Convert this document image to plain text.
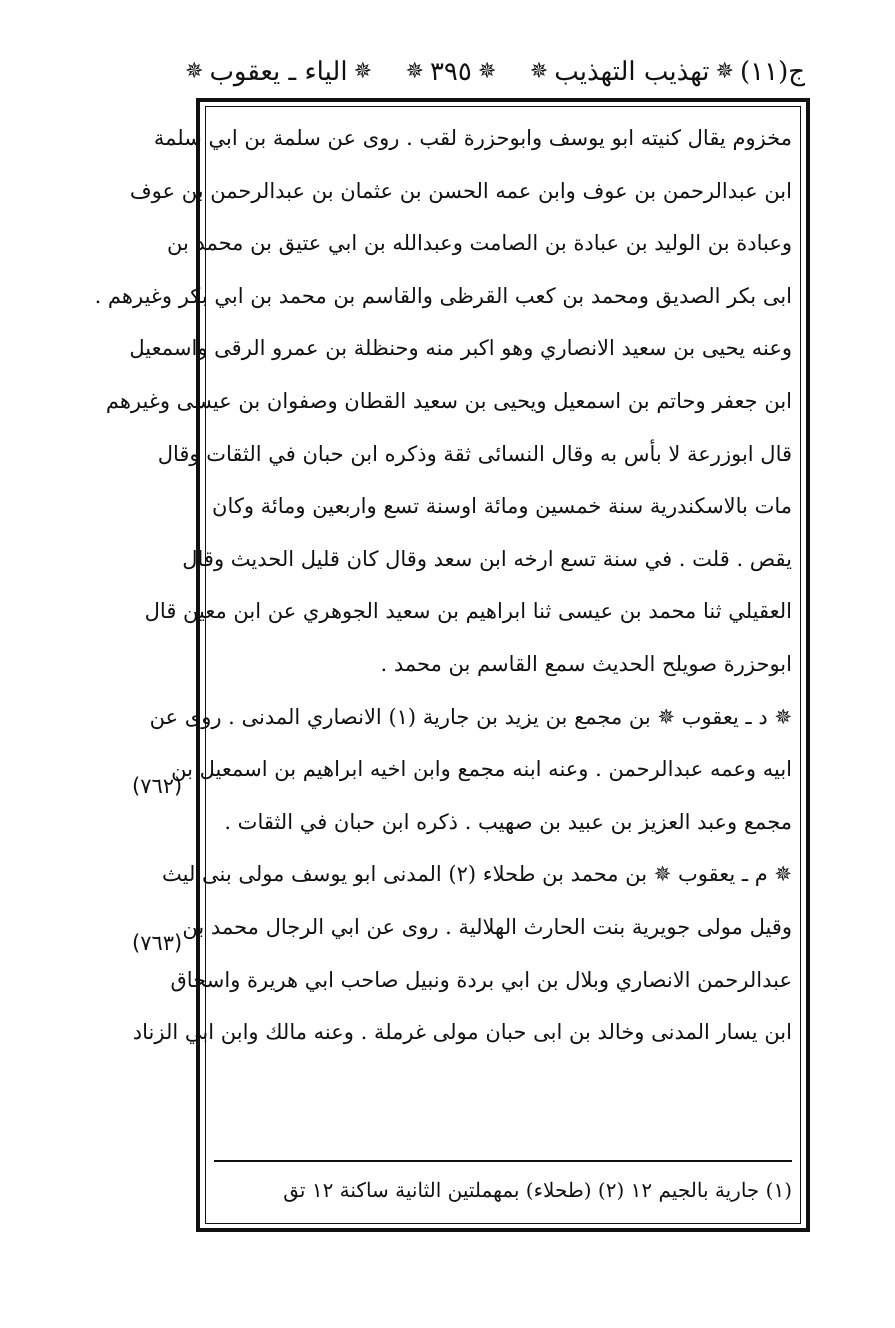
ج(١١)
✵
تهذيب التهذيب
✵
✵
٣٩٥
✵
✵
الياء ـ يعقوب
✵
مخزوم يقال كنيته ابو يوسف وابوحزرة لقب . روى عن سلمة بن ابي سلمة
ابن عبدالرحمن بن عوف وابن عمه الحسن بن عثمان بن عبدالرحمن بن عوف
وعبادة بن الوليد بن عبادة بن الصامت وعبدالله بن ابي عتيق بن محمد بن
ابى بكر الصديق ومحمد بن كعب القرظى والقاسم بن محمد بن ابي بكر وغيرهم .
وعنه يحيى بن سعيد الانصاري وهو اكبر منه وحنظلة بن عمرو الرقى واسمعيل
ابن جعفر وحاتم بن اسمعيل ويحيى بن سعيد القطان وصفوان بن عيسى وغيرهم
قال ابوزرعة لا بأس به وقال النسائى ثقة وذكره ابن حبان في الثقات وقال
مات بالاسكندرية سنة خمسين ومائة اوسنة تسع واربعين ومائة وكان
يقص . قلت . في سنة تسع ارخه ابن سعد وقال كان قليل الحديث وقال
العقيلي ثنا محمد بن عيسى ثنا ابراهيم بن سعيد الجوهري عن ابن معين قال
ابوحزرة صويلح الحديث سمع القاسم بن محمد .
✵ د ـ يعقوب ✵ بن مجمع بن يزيد بن جارية (١) الانصاري المدنى . روى عن
ابيه وعمه عبدالرحمن . وعنه ابنه مجمع وابن اخيه ابراهيم بن اسمعيل بن
مجمع وعبد العزيز بن عبيد بن صهيب . ذكره ابن حبان في الثقات .
✵ م ـ يعقوب ✵ بن محمد بن طحلاء (٢) المدنى ابو يوسف مولى بنى ليث
وقيل مولى جويرية بنت الحارث الهلالية . روى عن ابي الرجال محمد بن
عبدالرحمن الانصاري وبلال بن ابي بردة ونبيل صاحب ابي هريرة واسحاق
ابن يسار المدنى وخالد بن ابى حبان مولى غرملة . وعنه مالك وابن ابي الزناد
(٧٦٢)
(٧٦٣)
(١) جارية بالجيم ١٢ (٢) (طحلاء) بمهملتين الثانية ساكنة ١٢ تق
